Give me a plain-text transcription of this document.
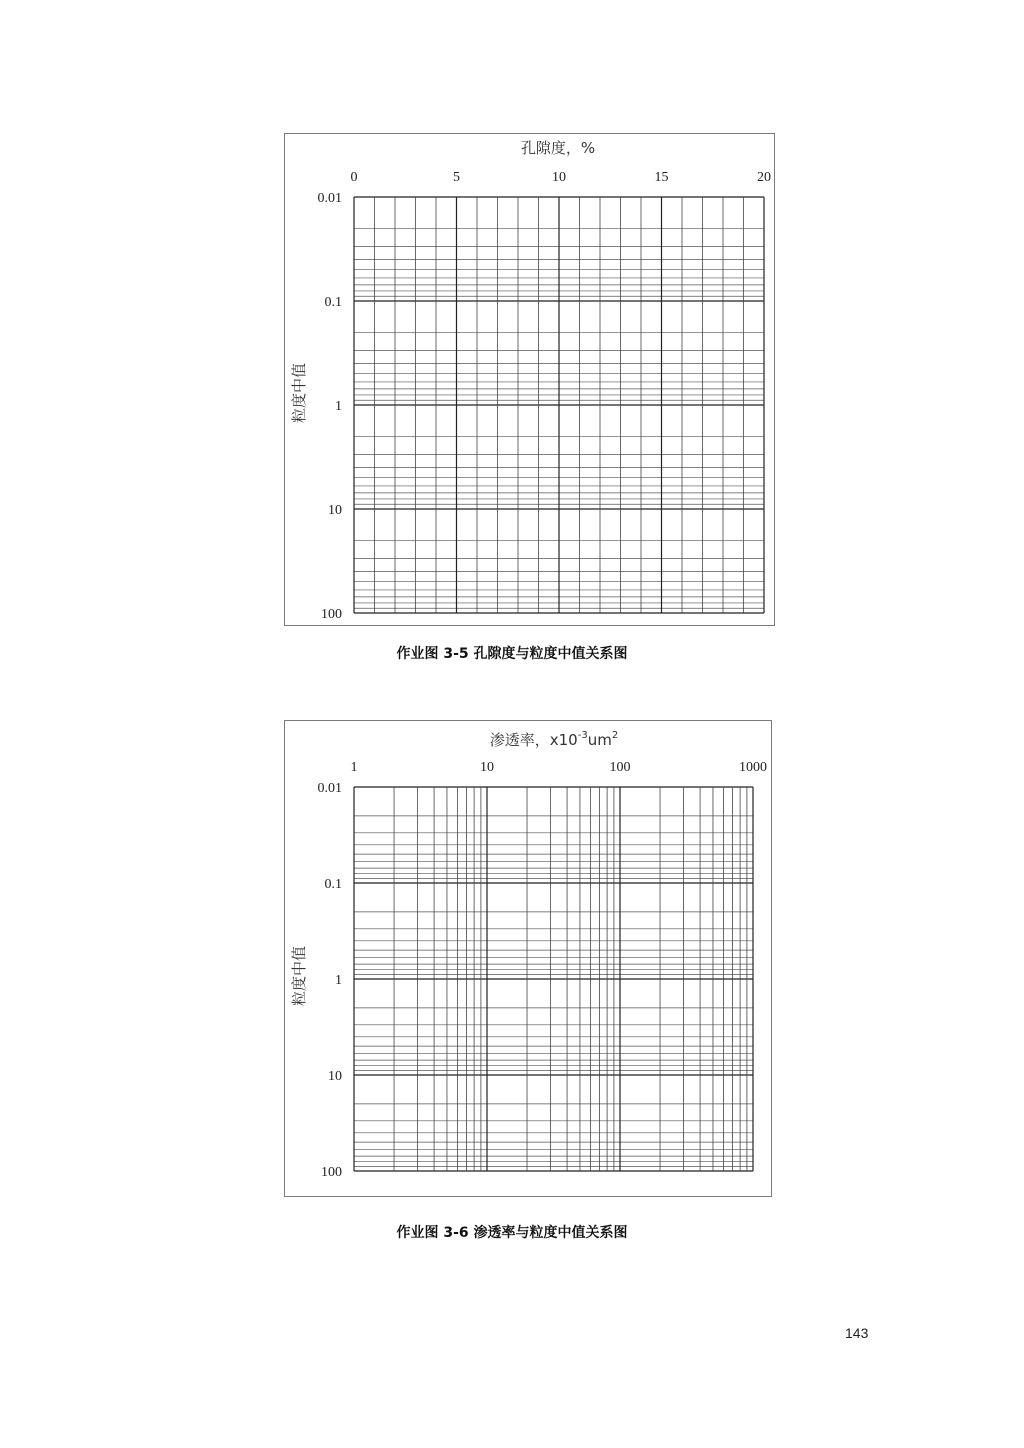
孔隙度，%
粒度中值
0	5	10	15	20
0.01
0.1
1
10
100
渗透率，$x10^{-3}um^2$
粒度中值
1	10	100	1000
0.01
0.1
1
10
100
作业图 3-5 孔隙度与粒度中值关系图
作业图 3-6 渗透率与粒度中值关系图
143
